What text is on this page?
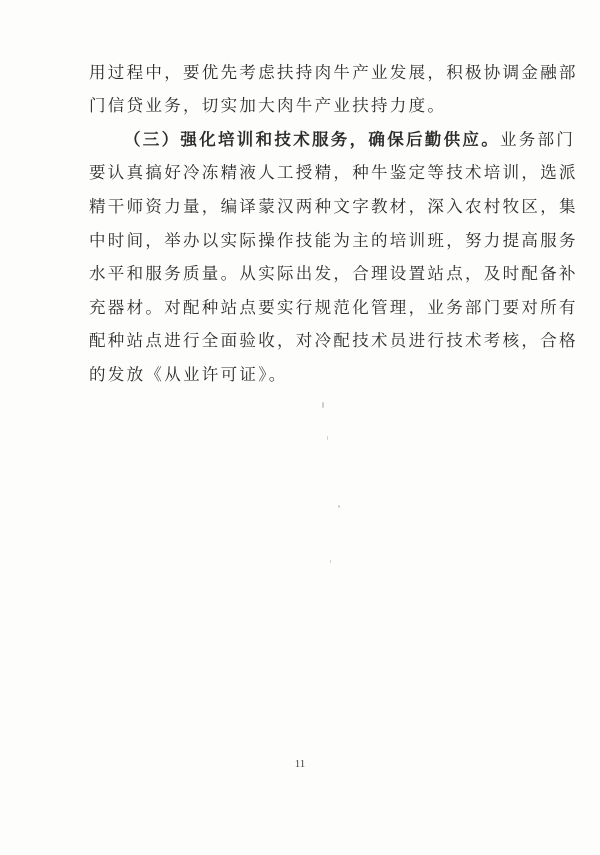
用过程中，要优先考虑扶持肉牛产业发展，积极协调金融部
门信贷业务，切实加大肉牛产业扶持力度。
（三）强化培训和技术服务，确保后勤供应。业务部门
要认真搞好冷冻精液人工授精，种牛鉴定等技术培训，选派
精干师资力量，编译蒙汉两种文字教材，深入农村牧区，集
中时间，举办以实际操作技能为主的培训班，努力提高服务
水平和服务质量。从实际出发，合理设置站点，及时配备补
充器材。对配种站点要实行规范化管理，业务部门要对所有
配种站点进行全面验收，对冷配技术员进行技术考核，合格
的发放《从业许可证》。
11
